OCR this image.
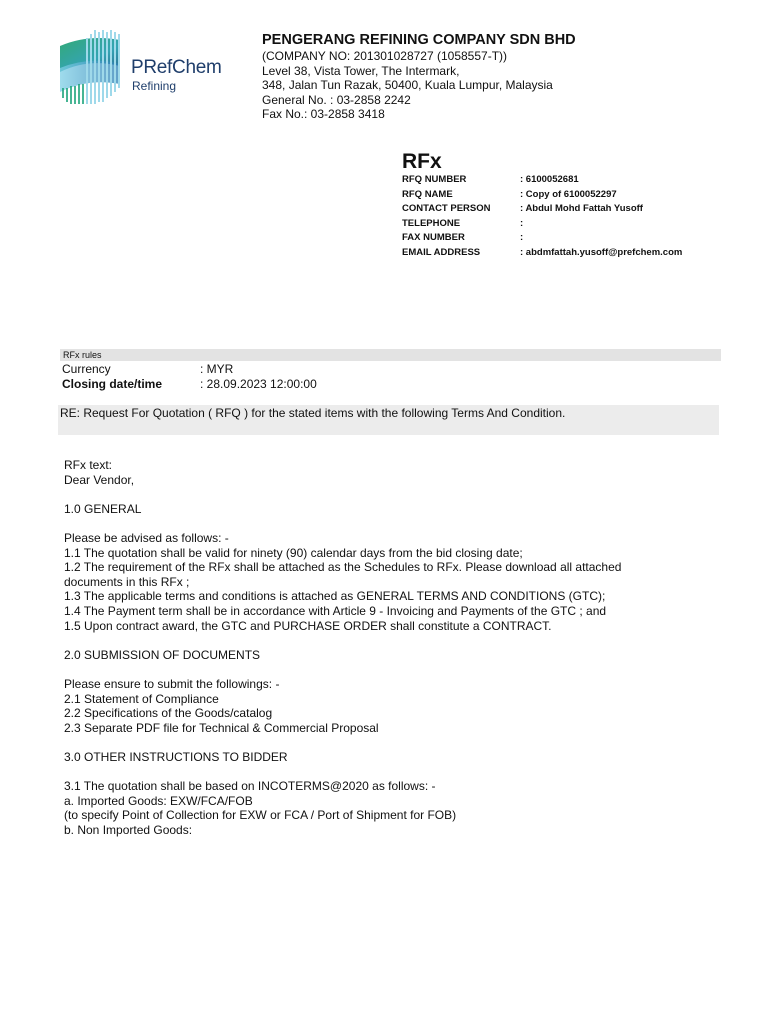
PRefChem
Refining
PENGERANG REFINING COMPANY SDN BHD
(COMPANY NO: 201301028727 (1058557-T))
Level 38, Vista Tower, The Intermark,
348, Jalan Tun Razak, 50400, Kuala Lumpur, Malaysia
General No. : 03-2858 2242
Fax No.: 03-2858 3418
RFx
RFQ NUMBER	: 6100052681
RFQ NAME	: Copy of 6100052297
CONTACT PERSON	: Abdul Mohd Fattah Yusoff
TELEPHONE	:
FAX NUMBER	:
EMAIL ADDRESS	: abdmfattah.yusoff@prefchem.com
RFx rules
Currency	: MYR
Closing date/time	: 28.09.2023 12:00:00
RE: Request For Quotation ( RFQ ) for the stated items with the following Terms And Condition.
RFx text:
Dear Vendor,
1.0 GENERAL
Please be advised as follows: -
1.1 The quotation shall be valid for ninety (90) calendar days from the bid closing date;
1.2 The requirement of the RFx shall be attached as the Schedules to RFx. Please download all attached
documents in this RFx ;
1.3 The applicable terms and conditions is attached as GENERAL TERMS AND CONDITIONS (GTC);
1.4 The Payment term shall be in accordance with Article 9 - Invoicing and Payments of the GTC ; and
1.5 Upon contract award, the GTC and PURCHASE ORDER shall constitute a CONTRACT.
2.0 SUBMISSION OF DOCUMENTS
Please ensure to submit the followings: -
2.1 Statement of Compliance
2.2 Specifications of the Goods/catalog
2.3 Separate PDF file for Technical & Commercial Proposal
3.0 OTHER INSTRUCTIONS TO BIDDER
3.1 The quotation shall be based on INCOTERMS@2020 as follows: -
a. Imported Goods: EXW/FCA/FOB
(to specify Point of Collection for EXW or FCA / Port of Shipment for FOB)
b. Non Imported Goods:
